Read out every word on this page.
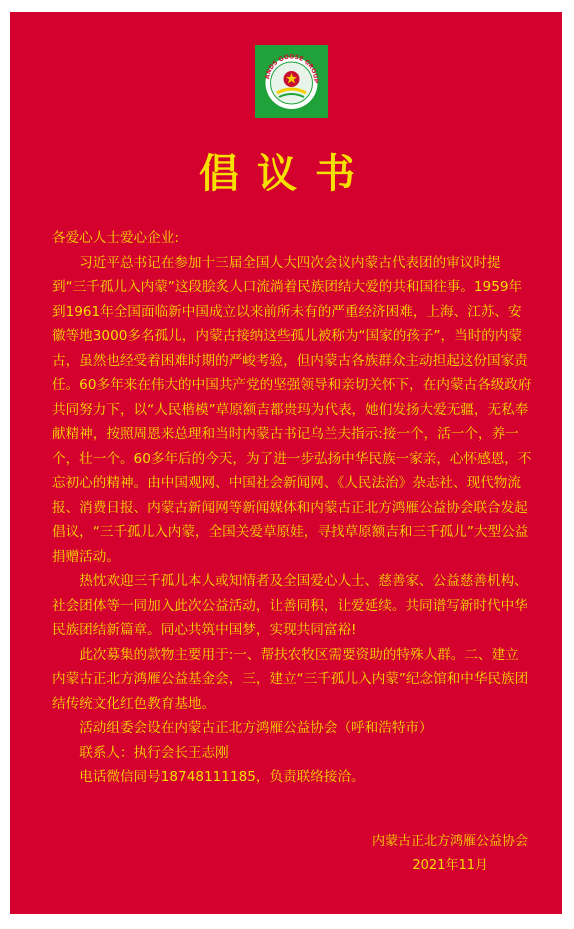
ANDS GOOSE GROUP
倡议书

各爱心人士爱心企业:

习近平总书记在参加十三届全国人大四次会议内蒙古代表团的审议时提到“三千孤儿入内蒙”这段脍炙人口流淌着民族团结大爱的共和国往事。1959年到1961年全国面临新中国成立以来前所未有的严重经济困难，上海、江苏、安徽等地3000多名孤儿，内蒙古接纳这些孤儿被称为“国家的孩子”，当时的内蒙古，虽然也经受着困难时期的严峻考验，但内蒙古各族群众主动担起这份国家责任。60多年来在伟大的中国共产党的坚强领导和亲切关怀下，在内蒙古各级政府共同努力下，以“人民楷模”草原额吉都贵玛为代表，她们发扬大爱无疆，无私奉献精神，按照周恩来总理和当时内蒙古书记乌兰夫指示:接一个，活一个，养一个，壮一个。60多年后的今天，为了进一步弘扬中华民族一家亲，心怀感恩，不忘初心的精神。由中国观网、中国社会新闻网、《人民法治》杂志社、现代物流报、消费日报、内蒙古新闻网等新闻媒体和内蒙古正北方鸿雁公益协会联合发起倡议，“三千孤儿入内蒙，全国关爱草原娃，寻找草原额吉和三千孤儿”大型公益捐赠活动。

热忱欢迎三千孤儿本人或知情者及全国爱心人士、慈善家、公益慈善机构、社会团体等一同加入此次公益活动，让善同积，让爱延续。共同谱写新时代中华民族团结新篇章。同心共筑中国梦，实现共同富裕!

此次募集的款物主要用于:一、帮扶农牧区需要资助的特殊人群。二、建立内蒙古正北方鸿雁公益基金会，三，建立“三千孤儿入内蒙”纪念馆和中华民族团结传统文化红色教育基地。

活动组委会设在内蒙古正北方鸿雁公益协会（呼和浩特市）

联系人：执行会长王志刚

电话微信同号18748111185，负责联络接洽。

内蒙古正北方鸿雁公益协会
2021年11月
